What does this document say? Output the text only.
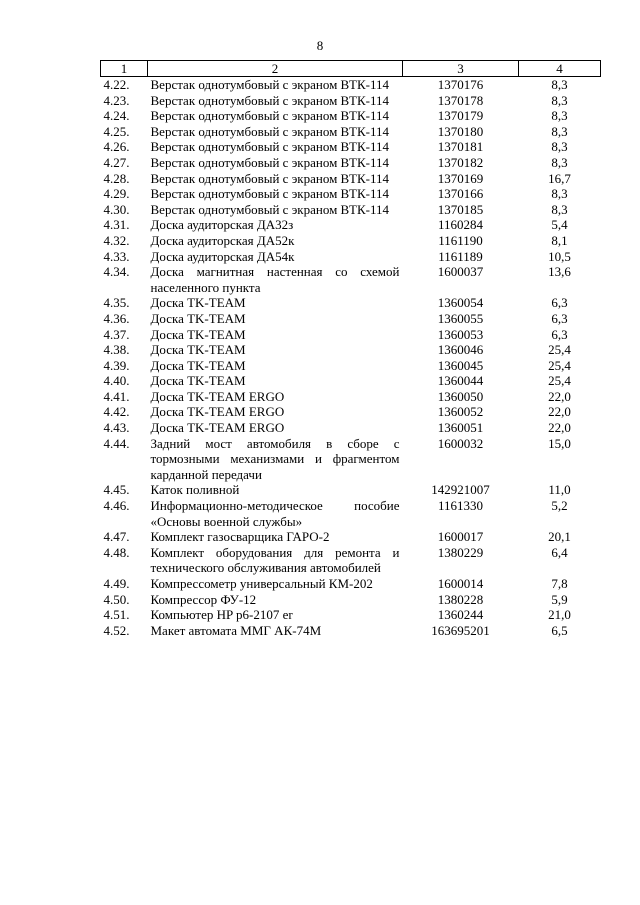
8
1	2	3	4
4.22.	Верстак однотумбовый с экраном ВТК-114	1370176	8,3
4.23.	Верстак однотумбовый с экраном ВТК-114	1370178	8,3
4.24.	Верстак однотумбовый с экраном ВТК-114	1370179	8,3
4.25.	Верстак однотумбовый с экраном ВТК-114	1370180	8,3
4.26.	Верстак однотумбовый с экраном ВТК-114	1370181	8,3
4.27.	Верстак однотумбовый с экраном ВТК-114	1370182	8,3
4.28.	Верстак однотумбовый с экраном ВТК-114	1370169	16,7
4.29.	Верстак однотумбовый с экраном ВТК-114	1370166	8,3
4.30.	Верстак однотумбовый с экраном ВТК-114	1370185	8,3
4.31.	Доска аудиторская ДА32з	1160284	5,4
4.32.	Доска аудиторская ДА52к	1161190	8,1
4.33.	Доска аудиторская ДА54к	1161189	10,5
4.34.	Доска магнитная настенная со схемой населенного пункта	1600037	13,6
4.35.	Доска TK-TEAM	1360054	6,3
4.36.	Доска TK-TEAM	1360055	6,3
4.37.	Доска TK-TEAM	1360053	6,3
4.38.	Доска TK-TEAM	1360046	25,4
4.39.	Доска TK-TEAM	1360045	25,4
4.40.	Доска TK-TEAM	1360044	25,4
4.41.	Доска TK-TEAM ERGO	1360050	22,0
4.42.	Доска TK-TEAM ERGO	1360052	22,0
4.43.	Доска TK-TEAM ERGO	1360051	22,0
4.44.	Задний мост автомобиля в сборе с тормозными механизмами и фрагментом карданной передачи	1600032	15,0
4.45.	Каток поливной	142921007	11,0
4.46.	Информационно-методическое пособие «Основы военной службы»	1161330	5,2
4.47.	Комплект газосварщика ГАРО-2	1600017	20,1
4.48.	Комплект оборудования для ремонта и технического обслуживания автомобилей	1380229	6,4
4.49.	Компрессометр универсальный КМ-202	1600014	7,8
4.50.	Компрессор ФУ-12	1380228	5,9
4.51.	Компьютер HP p6-2107 er	1360244	21,0
4.52.	Макет автомата ММГ АК-74М	163695201	6,5
